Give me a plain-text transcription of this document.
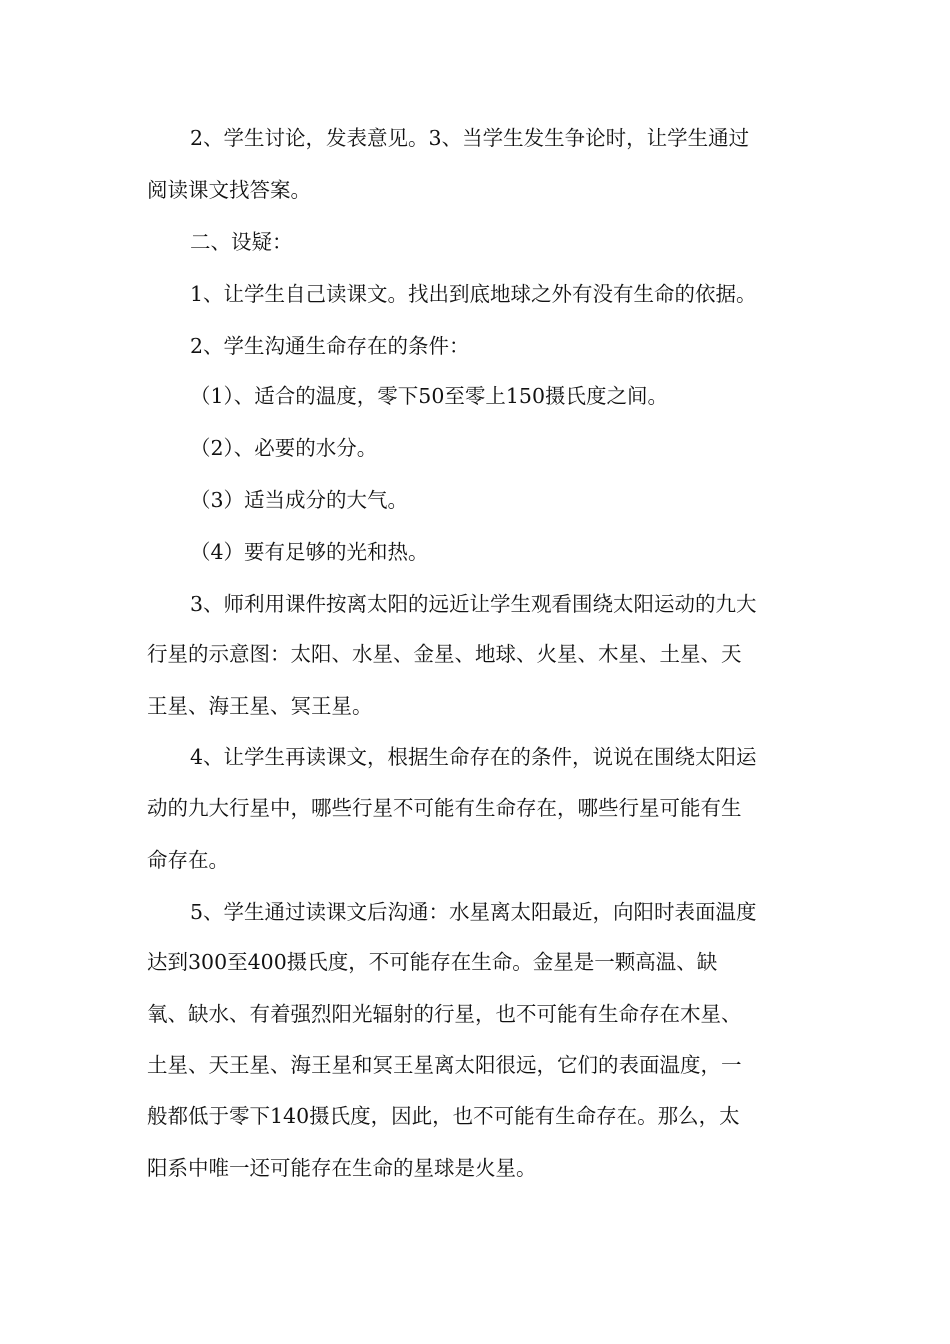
2、学生讨论，发表意见。3、当学生发生争论时，让学生通过
阅读课文找答案。
二、设疑：
1、让学生自己读课文。找出到底地球之外有没有生命的依据。
2、学生沟通生命存在的条件：
（1）、适合的温度，零下50至零上150摄氏度之间。
（2）、必要的水分。
（3）适当成分的大气。
（4）要有足够的光和热。
3、师利用课件按离太阳的远近让学生观看围绕太阳运动的九大
行星的示意图：太阳、水星、金星、地球、火星、木星、土星、天
王星、海王星、冥王星。
4、让学生再读课文，根据生命存在的条件，说说在围绕太阳运
动的九大行星中，哪些行星不可能有生命存在，哪些行星可能有生
命存在。
5、学生通过读课文后沟通：水星离太阳最近，向阳时表面温度
达到300至400摄氏度，不可能存在生命。金星是一颗高温、缺
氧、缺水、有着强烈阳光辐射的行星，也不可能有生命存在木星、
土星、天王星、海王星和冥王星离太阳很远，它们的表面温度，一
般都低于零下140摄氏度，因此，也不可能有生命存在。那么，太
阳系中唯一还可能存在生命的星球是火星。
